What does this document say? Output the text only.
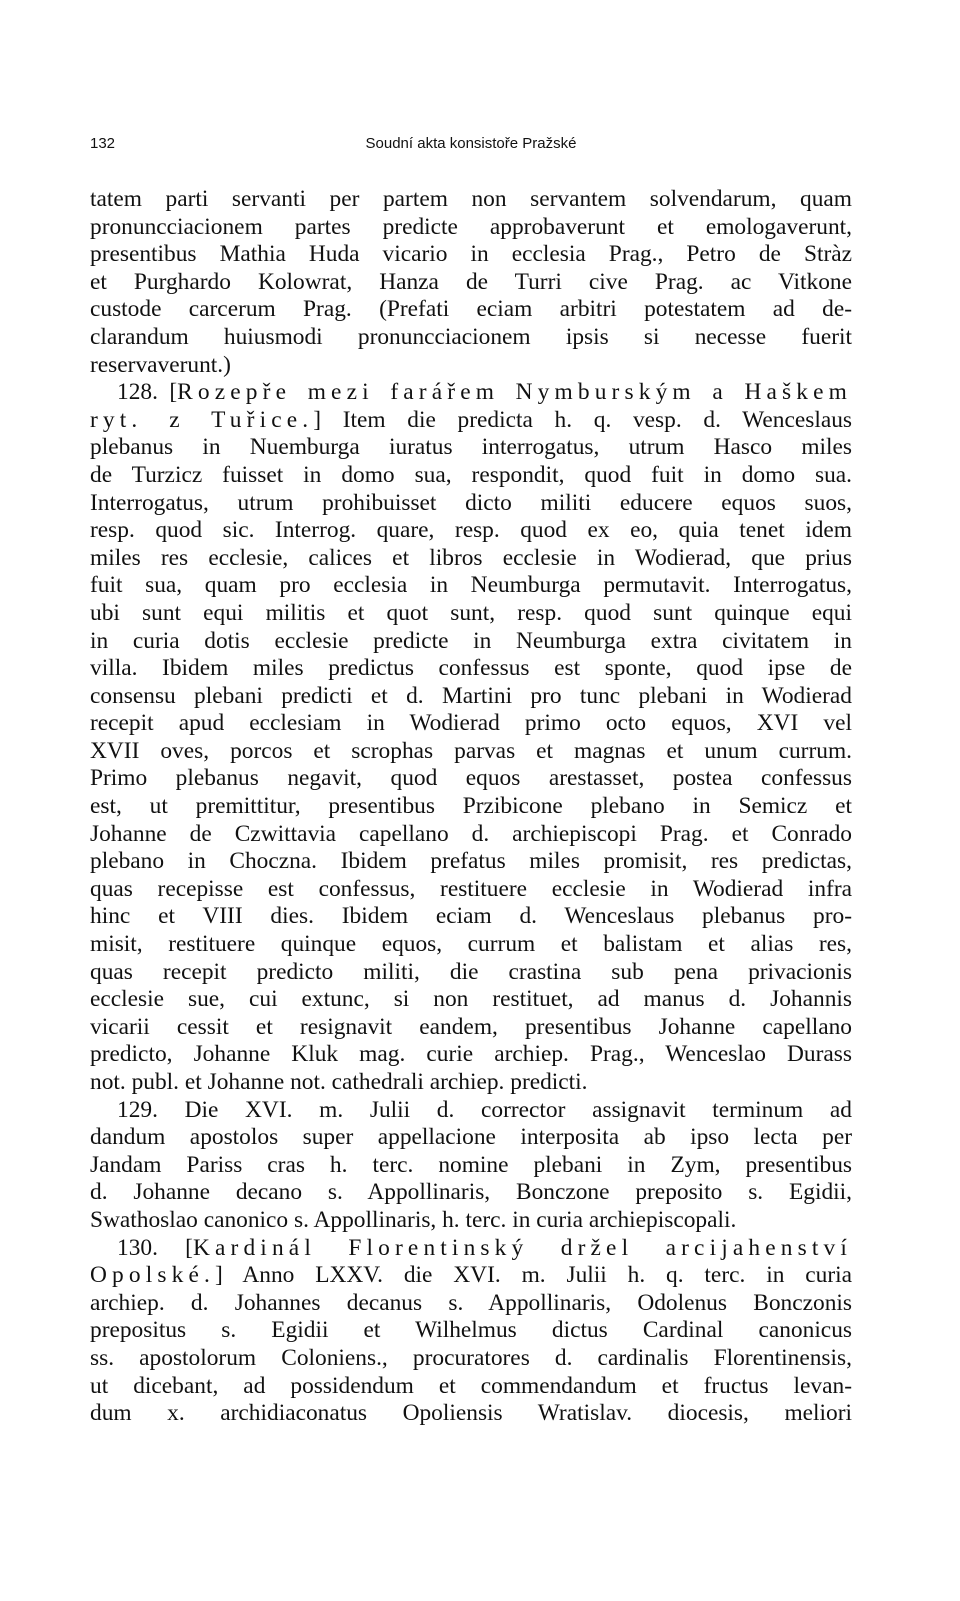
132	Soudní akta konsistoře Pražské
tatem parti servanti per partem non servantem solvendarum, quam
pronuncciacionem partes predicte approbaverunt et emologaverunt,
presentibus Mathia Huda vicario in ecclesia Prag., Petro de Stràz
et Purghardo Kolowrat, Hanza de Turri cive Prag. ac Vitkone
custode carcerum Prag. (Prefati eciam arbitri potestatem ad de-
clarandum huiusmodi pronuncciacionem ipsis si necesse fuerit
reservaverunt.)
128. [Rozepře mezi farářem Nymburským a Haškem
ryt. z Tuřice.] Item die predicta h. q. vesp. d. Wenceslaus
plebanus in Nuemburga iuratus interrogatus, utrum Hasco miles
de Turzicz fuisset in domo sua, respondit, quod fuit in domo sua.
Interrogatus, utrum prohibuisset dicto militi educere equos suos,
resp. quod sic. Interrog. quare, resp. quod ex eo, quia tenet idem
miles res ecclesie, calices et libros ecclesie in Wodierad, que prius
fuit sua, quam pro ecclesia in Neumburga permutavit. Interrogatus,
ubi sunt equi militis et quot sunt, resp. quod sunt quinque equi
in curia dotis ecclesie predicte in Neumburga extra civitatem in
villa. Ibidem miles predictus confessus est sponte, quod ipse de
consensu plebani predicti et d. Martini pro tunc plebani in Wodierad
recepit apud ecclesiam in Wodierad primo octo equos, XVI vel
XVII oves, porcos et scrophas parvas et magnas et unum currum.
Primo plebanus negavit, quod equos arestasset, postea confessus
est, ut premittitur, presentibus Przibicone plebano in Semicz et
Johanne de Czwittavia capellano d. archiepiscopi Prag. et Conrado
plebano in Choczna. Ibidem prefatus miles promisit, res predictas,
quas recepisse est confessus, restituere ecclesie in Wodierad infra
hinc et VIII dies. Ibidem eciam d. Wenceslaus plebanus pro-
misit, restituere quinque equos, currum et balistam et alias res,
quas recepit predicto militi, die crastina sub pena privacionis
ecclesie sue, cui extunc, si non restituet, ad manus d. Johannis
vicarii cessit et resignavit eandem, presentibus Johanne capellano
predicto, Johanne Kluk mag. curie archiep. Prag., Wenceslao Durass
not. publ. et Johanne not. cathedrali archiep. predicti.
129. Die XVI. m. Julii d. corrector assignavit terminum ad
dandum apostolos super appellacione interposita ab ipso lecta per
Jandam Pariss cras h. terc. nomine plebani in Zym, presentibus
d. Johanne decano s. Appollinaris, Bonczone preposito s. Egidii,
Swathoslao canonico s. Appollinaris, h. terc. in curia archiepiscopali.
130. [Kardinál Florentinský držel arcijahenství
Opolské.] Anno LXXV. die XVI. m. Julii h. q. terc. in curia
archiep. d. Johannes decanus s. Appollinaris, Odolenus Bonczonis
prepositus s. Egidii et Wilhelmus dictus Cardinal canonicus
ss. apostolorum Coloniens., procuratores d. cardinalis Florentinensis,
ut dicebant, ad possidendum et commendandum et fructus levan-
dum x. archidiaconatus Opoliensis Wratislav. diocesis, meliori
